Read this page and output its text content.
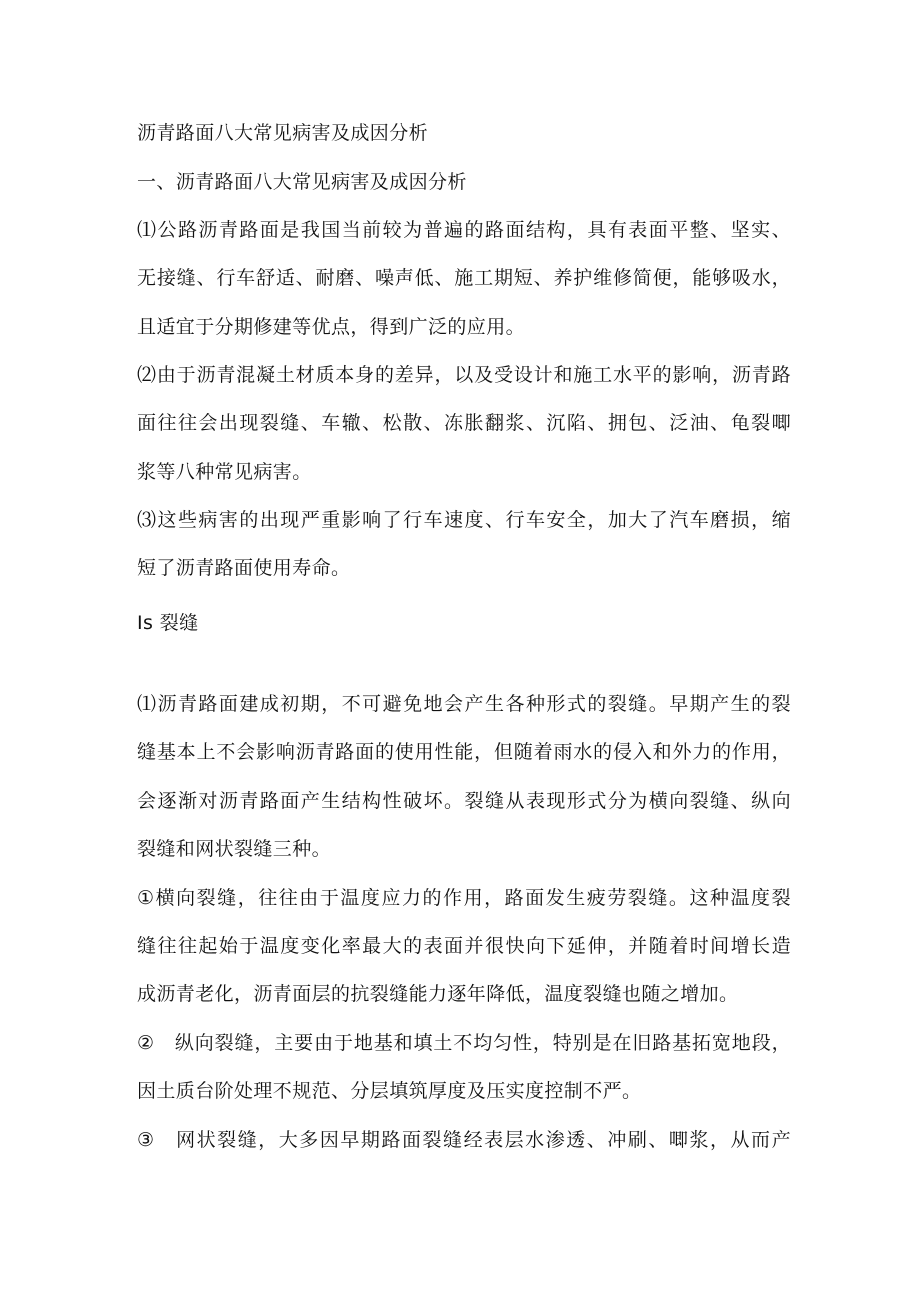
沥青路面八大常见病害及成因分析
一、沥青路面八大常见病害及成因分析
⑴公路沥青路面是我国当前较为普遍的路面结构，具有表面平整、坚实、
无接缝、行车舒适、耐磨、噪声低、施工期短、养护维修简便，能够吸水，
且适宜于分期修建等优点，得到广泛的应用。
⑵由于沥青混凝土材质本身的差异，以及受设计和施工水平的影响，沥青路
面往往会出现裂缝、车辙、松散、冻胀翻浆、沉陷、拥包、泛油、龟裂唧
浆等八种常见病害。
⑶这些病害的出现严重影响了行车速度、行车安全，加大了汽车磨损，缩
短了沥青路面使用寿命。
Is 裂缝
⑴沥青路面建成初期，不可避免地会产生各种形式的裂缝。早期产生的裂
缝基本上不会影响沥青路面的使用性能，但随着雨水的侵入和外力的作用，
会逐渐对沥青路面产生结构性破坏。裂缝从表现形式分为横向裂缝、纵向
裂缝和网状裂缝三种。
①横向裂缝，往往由于温度应力的作用，路面发生疲劳裂缝。这种温度裂
缝往往起始于温度变化率最大的表面并很快向下延伸，并随着时间增长造
成沥青老化，沥青面层的抗裂缝能力逐年降低，温度裂缝也随之增加。
②　纵向裂缝，主要由于地基和填土不均匀性，特别是在旧路基拓宽地段，
因土质台阶处理不规范、分层填筑厚度及压实度控制不严。
③　网状裂缝，大多因早期路面裂缝经表层水渗透、冲刷、唧浆，从而产
